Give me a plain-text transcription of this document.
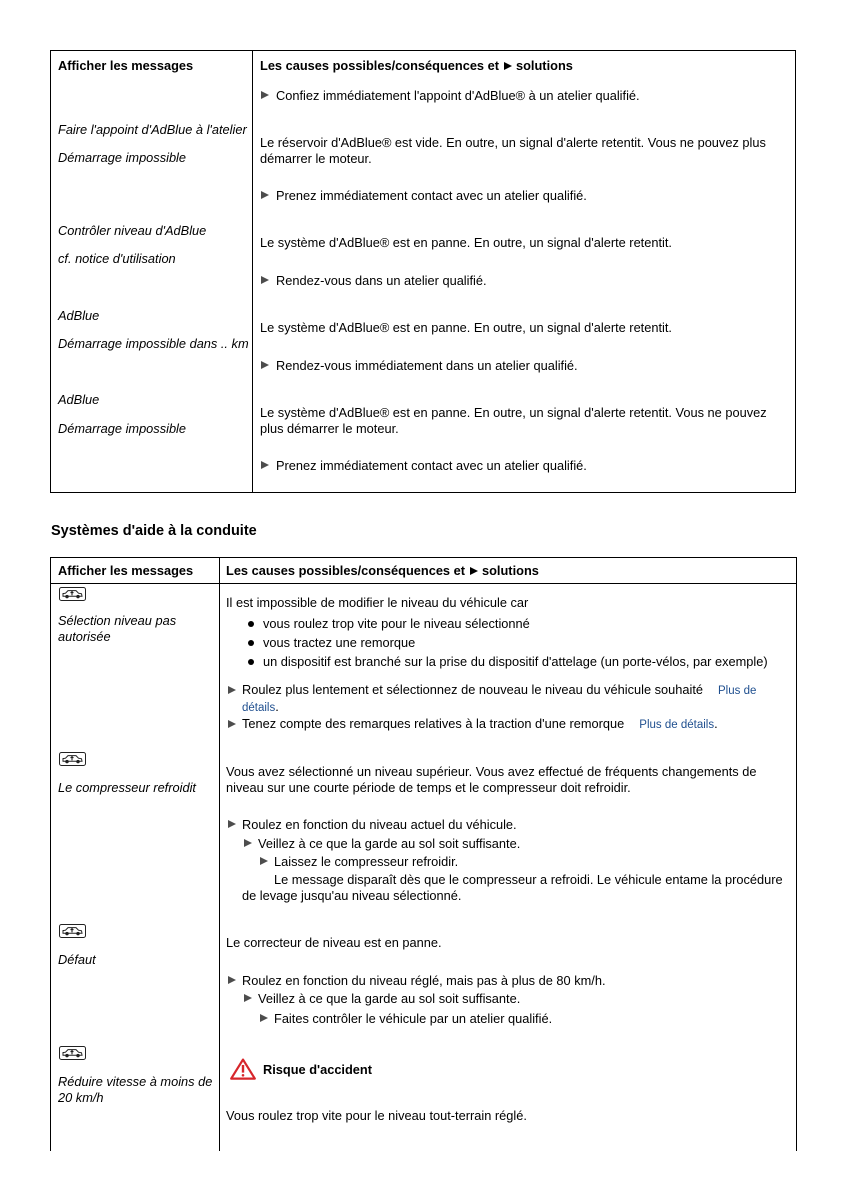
Afficher les messages	Les causes possibles/conséquences et solutions
Confiez immédiatement l'appoint d'AdBlue® à un atelier qualifié.
Faire l'appoint d'AdBlue à l'atelier
Démarrage impossible
Le réservoir d'AdBlue® est vide. En outre, un signal d'alerte retentit. Vous ne pouvez plus démarrer le moteur.
Prenez immédiatement contact avec un atelier qualifié.
Contrôler niveau d'AdBlue
cf. notice d'utilisation
Le système d'AdBlue® est en panne. En outre, un signal d'alerte retentit.
Rendez-vous dans un atelier qualifié.
AdBlue
Démarrage impossible dans .. km
Le système d'AdBlue® est en panne. En outre, un signal d'alerte retentit.
Rendez-vous immédiatement dans un atelier qualifié.
AdBlue
Démarrage impossible
Le système d'AdBlue® est en panne. En outre, un signal d'alerte retentit. Vous ne pouvez plus démarrer le moteur.
Prenez immédiatement contact avec un atelier qualifié.
Systèmes d'aide à la conduite
Afficher les messages	Les causes possibles/conséquences et solutions
Sélection niveau pas autorisée
Il est impossible de modifier le niveau du véhicule car
vous roulez trop vite pour le niveau sélectionné
vous tractez une remorque
un dispositif est branché sur la prise du dispositif d'attelage (un porte-vélos, par exemple)
Roulez plus lentement et sélectionnez de nouveau le niveau du véhicule souhaité Plus de détails.
Tenez compte des remarques relatives à la traction d'une remorque Plus de détails.
Le compresseur refroidit
Vous avez sélectionné un niveau supérieur. Vous avez effectué de fréquents changements de niveau sur une courte période de temps et le compresseur doit refroidir.
Roulez en fonction du niveau actuel du véhicule.
Veillez à ce que la garde au sol soit suffisante.
Laissez le compresseur refroidir.
Le message disparaît dès que le compresseur a refroidi. Le véhicule entame la procédure de levage jusqu'au niveau sélectionné.
Défaut
Le correcteur de niveau est en panne.
Roulez en fonction du niveau réglé, mais pas à plus de 80 km/h.
Veillez à ce que la garde au sol soit suffisante.
Faites contrôler le véhicule par un atelier qualifié.
Réduire vitesse à moins de 20 km/h
Risque d'accident
Vous roulez trop vite pour le niveau tout-terrain réglé.
